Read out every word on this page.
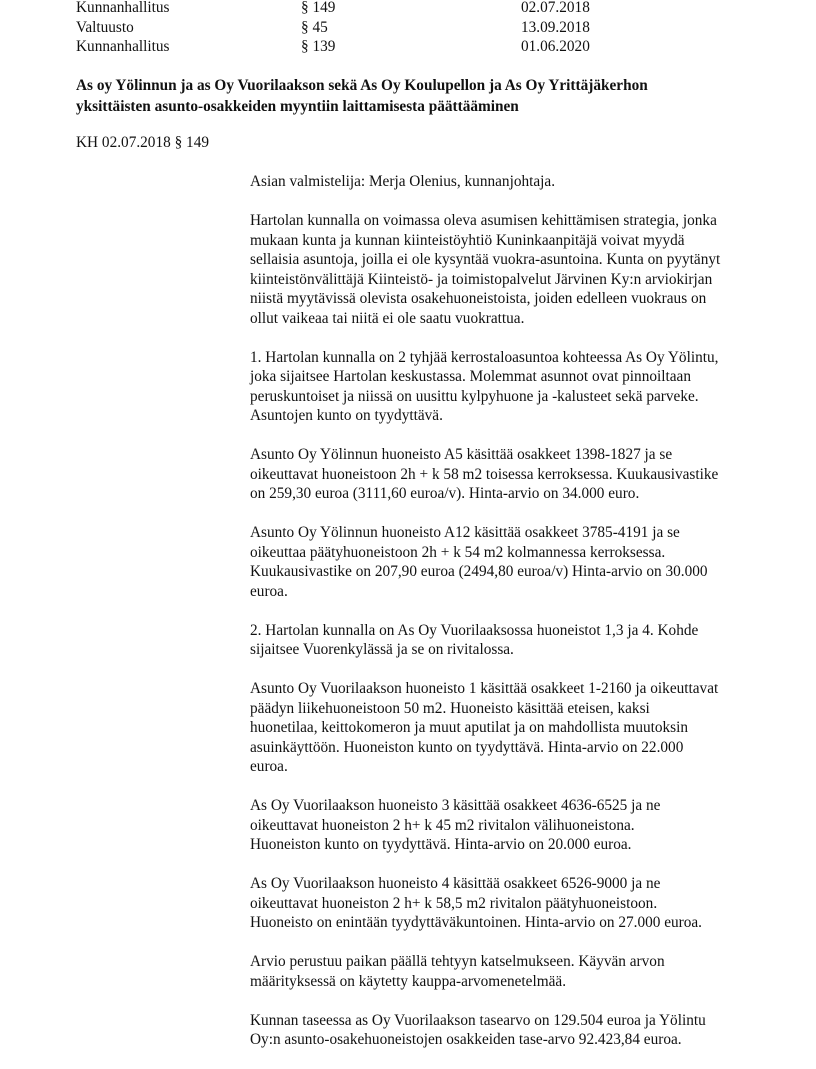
Kunnanhallitus	§ 149	02.07.2018
Valtuusto	§ 45	13.09.2018
Kunnanhallitus	§ 139	01.06.2020
As oy Yölinnun ja as Oy Vuorilaakson sekä As Oy Koulupellon ja As Oy Yrittäjäkerhon
yksittäisten asunto-osakkeiden myyntiin laittamisesta päättääminen
KH 02.07.2018 § 149

Asian valmistelija: Merja Olenius, kunnanjohtaja.

Hartolan kunnalla on voimassa oleva asumisen kehittämisen strategia, jonka
mukaan kunta ja kunnan kiinteistöyhtiö Kuninkaanpitäjä voivat myydä
sellaisia asuntoja, joilla ei ole kysyntää vuokra-asuntoina. Kunta on pyytänyt
kiinteistönvälittäjä Kiinteistö- ja toimistopalvelut Järvinen Ky:n arviokirjan
niistä myytävissä olevista osakehuoneistoista, joiden edelleen vuokraus on
ollut vaikeaa tai niitä ei ole saatu vuokrattua.

1. Hartolan kunnalla on 2 tyhjää kerrostaloasuntoa kohteessa As Oy Yölintu,
joka sijaitsee Hartolan keskustassa. Molemmat asunnot ovat pinnoiltaan
peruskuntoiset ja niissä on uusittu kylpyhuone ja -kalusteet sekä parveke.
Asuntojen kunto on tyydyttävä.

Asunto Oy Yölinnun huoneisto A5 käsittää osakkeet 1398-1827 ja se
oikeuttavat huoneistoon 2h + k 58 m2 toisessa kerroksessa. Kuukausivastike
on 259,30 euroa (3111,60 euroa/v). Hinta-arvio on 34.000 euro.

Asunto Oy Yölinnun huoneisto A12 käsittää osakkeet 3785-4191 ja se
oikeuttaa päätyhuoneistoon 2h + k 54 m2 kolmannessa kerroksessa.
Kuukausivastike on 207,90 euroa (2494,80 euroa/v) Hinta-arvio on 30.000
euroa.

2. Hartolan kunnalla on As Oy Vuorilaaksossa huoneistot 1,3 ja 4. Kohde
sijaitsee Vuorenkylässä ja se on rivitalossa.

Asunto Oy Vuorilaakson huoneisto 1 käsittää osakkeet 1-2160 ja oikeuttavat
päädyn liikehuoneistoon 50 m2. Huoneisto käsittää eteisen, kaksi
huonetilaa, keittokomeron ja muut aputilat ja on mahdollista muutoksin
asuinkäyttöön. Huoneiston kunto on tyydyttävä. Hinta-arvio on 22.000
euroa.

As Oy Vuorilaakson huoneisto 3 käsittää osakkeet 4636-6525 ja ne
oikeuttavat huoneiston 2 h+ k 45 m2 rivitalon välihuoneistona.
Huoneiston kunto on tyydyttävä. Hinta-arvio on 20.000 euroa.

As Oy Vuorilaakson huoneisto 4 käsittää osakkeet 6526-9000 ja ne
oikeuttavat huoneiston 2 h+ k 58,5 m2 rivitalon päätyhuoneistoon.
Huoneisto on enintään tyydyttäväkuntoinen. Hinta-arvio on 27.000 euroa.

Arvio perustuu paikan päällä tehtyyn katselmukseen. Käyvän arvon
määrityksessä on käytetty kauppa-arvomenetelmää.

Kunnan taseessa as Oy Vuorilaakson tasearvo on 129.504 euroa ja Yölintu
Oy:n asunto-osakehuoneistojen osakkeiden tase-arvo 92.423,84 euroa.
